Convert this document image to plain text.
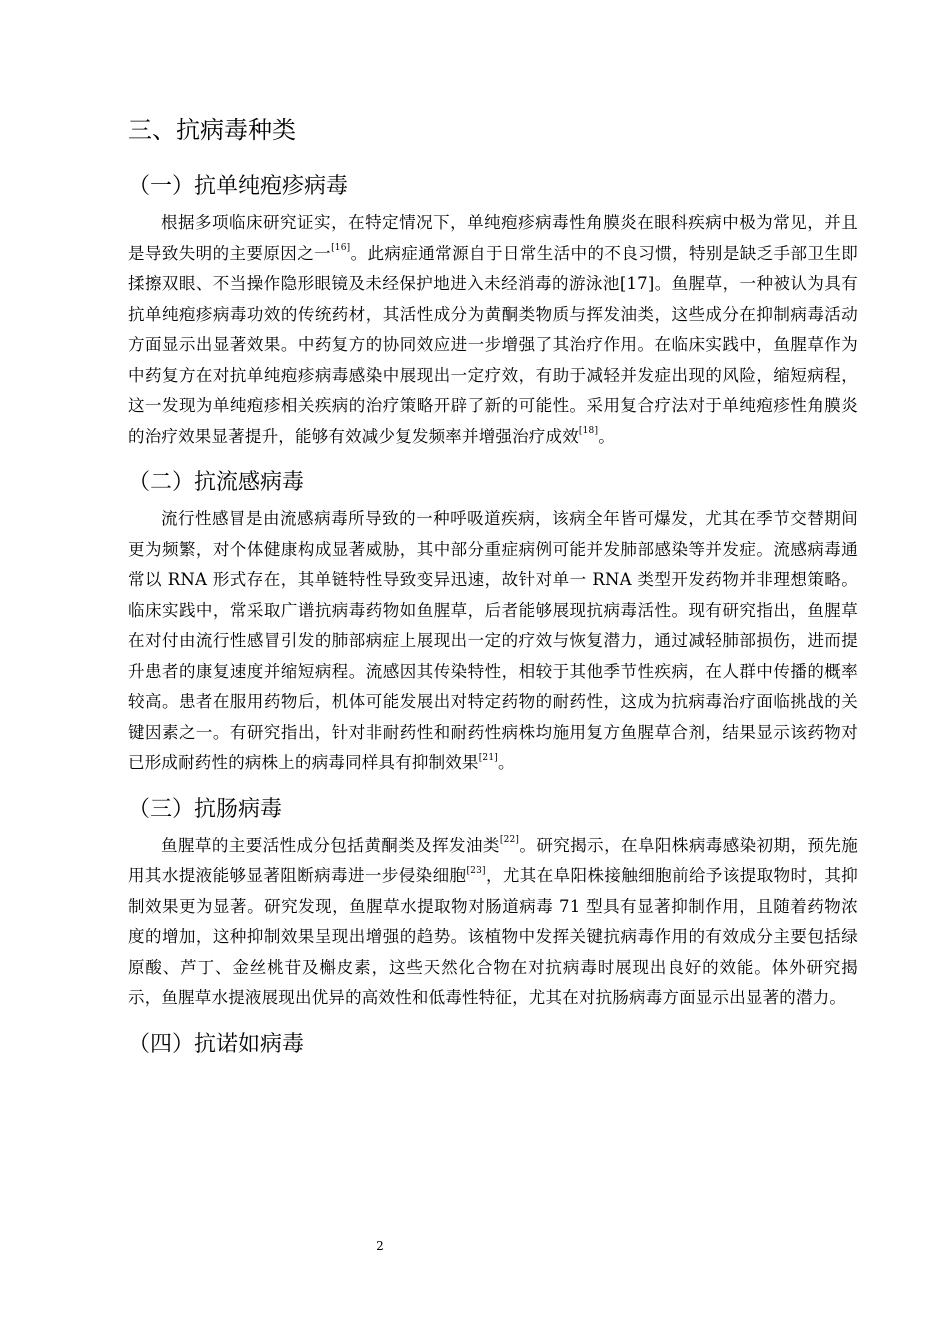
三、抗病毒种类
（一）抗单纯疱疹病毒

根据多项临床研究证实，在特定情况下，单纯疱疹病毒性角膜炎在眼科疾病中极为常见，并且是导致失明的主要原因之一[16]。此病症通常源自于日常生活中的不良习惯，特别是缺乏手部卫生即揉擦双眼、不当操作隐形眼镜及未经保护地进入未经消毒的游泳池[17]。鱼腥草，一种被认为具有抗单纯疱疹病毒功效的传统药材，其活性成分为黄酮类物质与挥发油类，这些成分在抑制病毒活动方面显示出显著效果。中药复方的协同效应进一步增强了其治疗作用。在临床实践中，鱼腥草作为中药复方在对抗单纯疱疹病毒感染中展现出一定疗效，有助于减轻并发症出现的风险，缩短病程，这一发现为单纯疱疹相关疾病的治疗策略开辟了新的可能性。采用复合疗法对于单纯疱疹性角膜炎的治疗效果显著提升，能够有效减少复发频率并增强治疗成效[18]。

（二）抗流感病毒

流行性感冒是由流感病毒所导致的一种呼吸道疾病，该病全年皆可爆发，尤其在季节交替期间更为频繁，对个体健康构成显著威胁，其中部分重症病例可能并发肺部感染等并发症。流感病毒通常以 RNA 形式存在，其单链特性导致变异迅速，故针对单一 RNA 类型开发药物并非理想策略。临床实践中，常采取广谱抗病毒药物如鱼腥草，后者能够展现抗病毒活性。现有研究指出，鱼腥草在对付由流行性感冒引发的肺部病症上展现出一定的疗效与恢复潜力，通过减轻肺部损伤，进而提升患者的康复速度并缩短病程。流感因其传染特性，相较于其他季节性疾病，在人群中传播的概率较高。患者在服用药物后，机体可能发展出对特定药物的耐药性，这成为抗病毒治疗面临挑战的关键因素之一。有研究指出，针对非耐药性和耐药性病株均施用复方鱼腥草合剂，结果显示该药物对已形成耐药性的病株上的病毒同样具有抑制效果[21]。

（三）抗肠病毒

鱼腥草的主要活性成分包括黄酮类及挥发油类[22]。研究揭示，在阜阳株病毒感染初期，预先施用其水提液能够显著阻断病毒进一步侵染细胞[23]，尤其在阜阳株接触细胞前给予该提取物时，其抑制效果更为显著。研究发现，鱼腥草水提取物对肠道病毒 71 型具有显著抑制作用，且随着药物浓度的增加，这种抑制效果呈现出增强的趋势。该植物中发挥关键抗病毒作用的有效成分主要包括绿原酸、芦丁、金丝桃苷及槲皮素，这些天然化合物在对抗病毒时展现出良好的效能。体外研究揭示，鱼腥草水提液展现出优异的高效性和低毒性特征，尤其在对抗肠病毒方面显示出显著的潜力。

（四）抗诺如病毒
2
